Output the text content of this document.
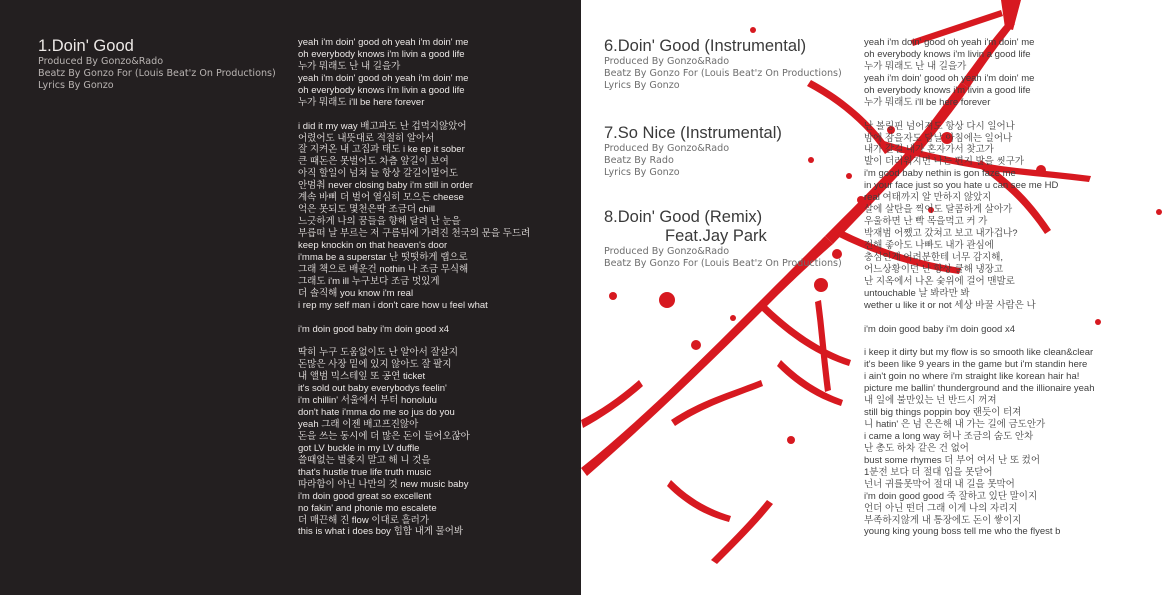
1.Doin' Good
Produced By Gonzo&Rado
Beatz By Gonzo For (Louis Beat'z On Productions)
Lyrics By Gonzo
yeah i'm doin' good oh yeah i'm doin' me
oh everybody knows i'm livin a good life
누가 뭐래도 난 내 길을가
yeah i'm doin' good oh yeah i'm doin' me
oh everybody knows i'm livin a good life
누가 뭐래도 i'll be here forever
i did it my way 배고파도 난 겁먹지않았어
어렸어도 내뜻대로 적절히 알아서
잘 지켜온 내 고집과 태도 i ke ep it sober
큰 때돈은 못벌어도 차츰 앞길이 보여
아직 할일이 넘쳐 늘 항상 갈길이멀어도
안멈춰 never closing baby i'm still in order
계속 바삐 더 벌어 열심히 모으든 cheese
억은 못되도 몇천은딱 조금더 chill
느긋하게 나의 꿈들을 향해 달려 난 눈을
부릅떠 날 부르는 저 구름뒤에 가려진 천국의 문을 두드려
keep knockin on that heaven's door
i'mma be a superstar 난 떳떳하게 랩으로
그래 책으로 배운건 nothin 나 조금 무식해
그래도 i'm ill 누구보다 조금 멋있게
더 솔직해 you know i'm real
i rep my self man i don't care how u feel what
i'm doin good baby i'm doin good x4
딱히 누구 도움없이도 난 알아서 잘살지
돈많은 사장 밑에 있지 않아도 잘 팔지
내 앨범 믹스테잎 또 공연 ticket
it's sold out baby everybodys feelin'
i'm chillin' 서울에서 부터 honolulu
don't hate i'mma do me so jus do you
yeah 그래 이젠 배고프진않아
돈을 쓰는 동시에 더 많은 돈이 들어오잖아
got LV buckle in my LV duffle
쓸때없는 벌좆지 말고 해 니 것을
that's hustle true life truth music
따라함이 아닌 나만의 것 new music baby
i'm doin good great so excellent
no fakin' and phonie mo escalete
더 매끈해 진 flow 이대로 흘러가
this is what i does boy 힙합 내게 물어봐
6.Doin' Good (Instrumental)
Produced By Gonzo&Rado
Beatz By Gonzo For (Louis Beat'z On Productions)
Lyrics By Gonzo
7.So Nice (Instrumental)
Produced By Gonzo&Rado
Beatz By Rado
Lyrics By Gonzo
8.Doin' Good (Remix)
Feat.Jay Park
Produced By Gonzo&Rado
Beatz By Gonzo For (Louis Beat'z On Productions)
yeah i'm doin' good oh yeah i'm doin' me
oh everybody knows i'm livin a good life
누가 뭐래도 난 내 길을가
yeah i'm doin' good oh yeah i'm doin' me
oh everybody knows i'm livin a good life
누가 뭐래도 i'll be here forever
난 볼링핀 넘어져도 항상 다시 일어나
밤에 잠을자도 담날 아침에는 일어나
내가 갈길 내가 혼자가서 찾고가
발이 더러워지면 나는 편지 발을 씻구가
i'm good baby nethin is gon faze me
in your face just so you hate u can see me HD
real 여태까지 알 만하지 않았지
살에 살탄을 찍어도 달콤하게 살아가
우울하면 난 빡 목을먹고 커 가
박재범 어쨌고 갔쳐고 보고 내가겁나?
전해 좋아도 나빠도 내가 관심에
충심인게 어려분한테 너무 감지해,
어느상황이던 난 항상 쿨해 냉장고
난 지옥에서 나온 숯위에 걸어 맨발로
untouchable 날 봐라만 봐
wether u like it or not 세상 바꿀 사람은 나
i'm doin good baby i'm doin good x4
i keep it dirty but my flow is so smooth like clean&clear
it's been like 9 years in the game but i'm standin here
i ain't goin no where i'm straight like korean hair ha!
picture me ballin' thunderground and the illionaire yeah
내 일에 불만있는 넌 반드시 꺼져
still big things poppin boy 랜듯이 터져
니 hatin' 은 넘 은은해 내 가는 길에 금도안가
i came a long way 허나 조금의 숨도 안차
난 총도 하차 같은 건 없어
bust some rhymes 더 부어 여서 난 또 컸어
1분전 보다 더 절대 입을 못닫어
넌너 귀를못막어 절대 내 길을 못막어
i'm doin good good 죽 잘하고 있단 말이지
언더 아닌 떤더 그래 이게 나의 자리지
부족하지않게 내 통장에도 돈이 쌓이지
young king young boss tell me who the flyest b
